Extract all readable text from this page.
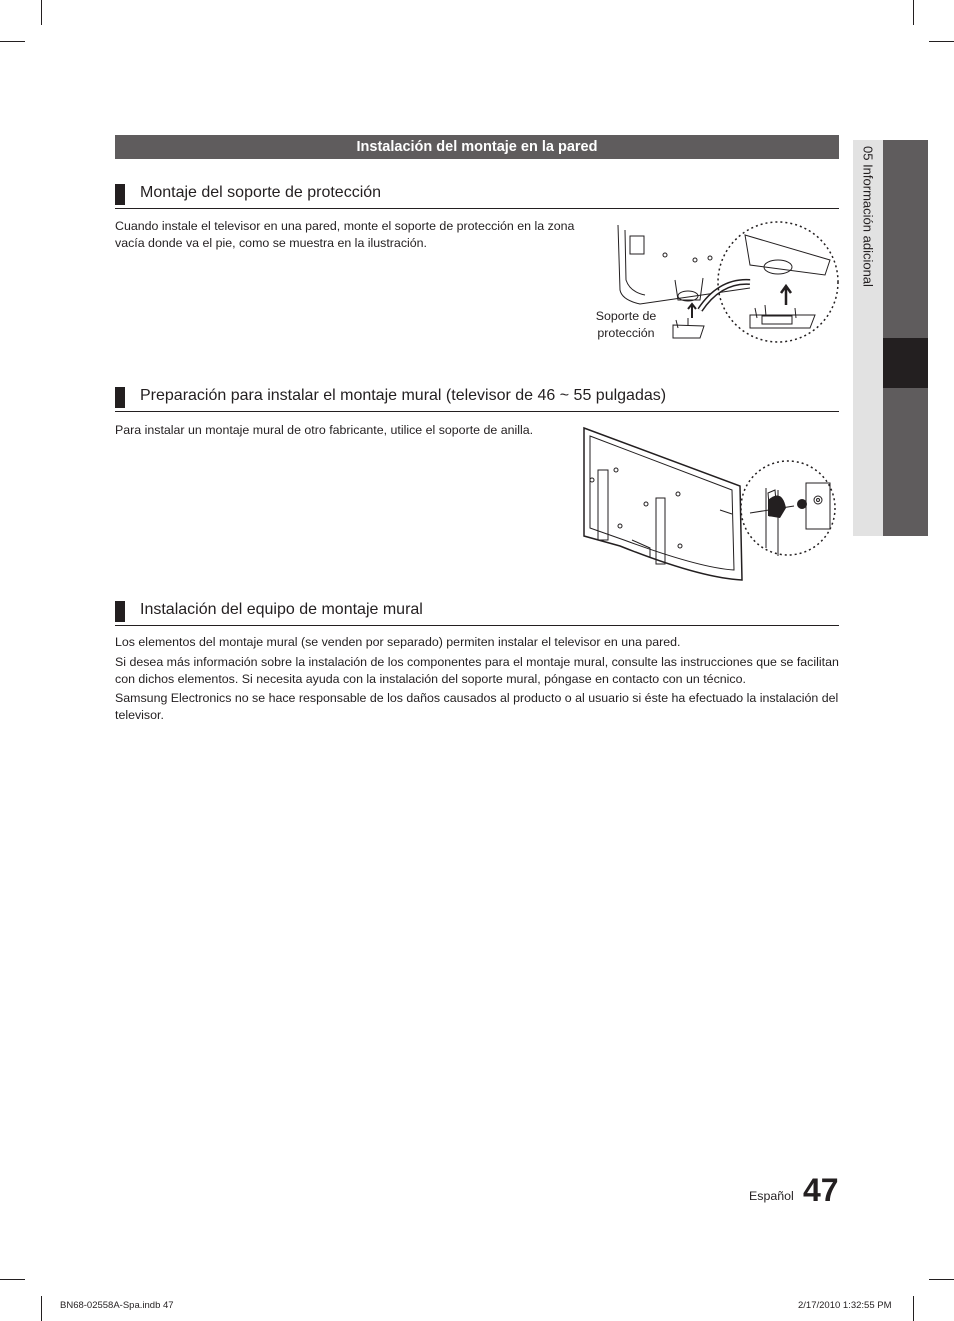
05 Información adicional
Instalación del montaje en la pared
Montaje del soporte de protección

Cuando instale el televisor en una pared, monte el soporte de protección en la zona vacía donde va el pie, como se muestra en la ilustración.

Soporte de protección
Preparación para instalar el montaje mural (televisor de 46 ~ 55 pulgadas)

Para instalar un montaje mural de otro fabricante, utilice el soporte de anilla.

Instalación del equipo de montaje mural

Los elementos del montaje mural (se venden por separado) permiten instalar el televisor en una pared.

Si desea más información sobre la instalación de los componentes para el montaje mural, consulte las instrucciones que se facilitan con dichos elementos. Si necesita ayuda con la instalación del soporte mural, póngase en contacto con un técnico.

Samsung Electronics no se hace responsable de los daños causados al producto o al usuario si éste ha efectuado la instalación del televisor.

Español 47
BN68-02558A-Spa.indb 47	2/17/2010 1:32:55 PM
